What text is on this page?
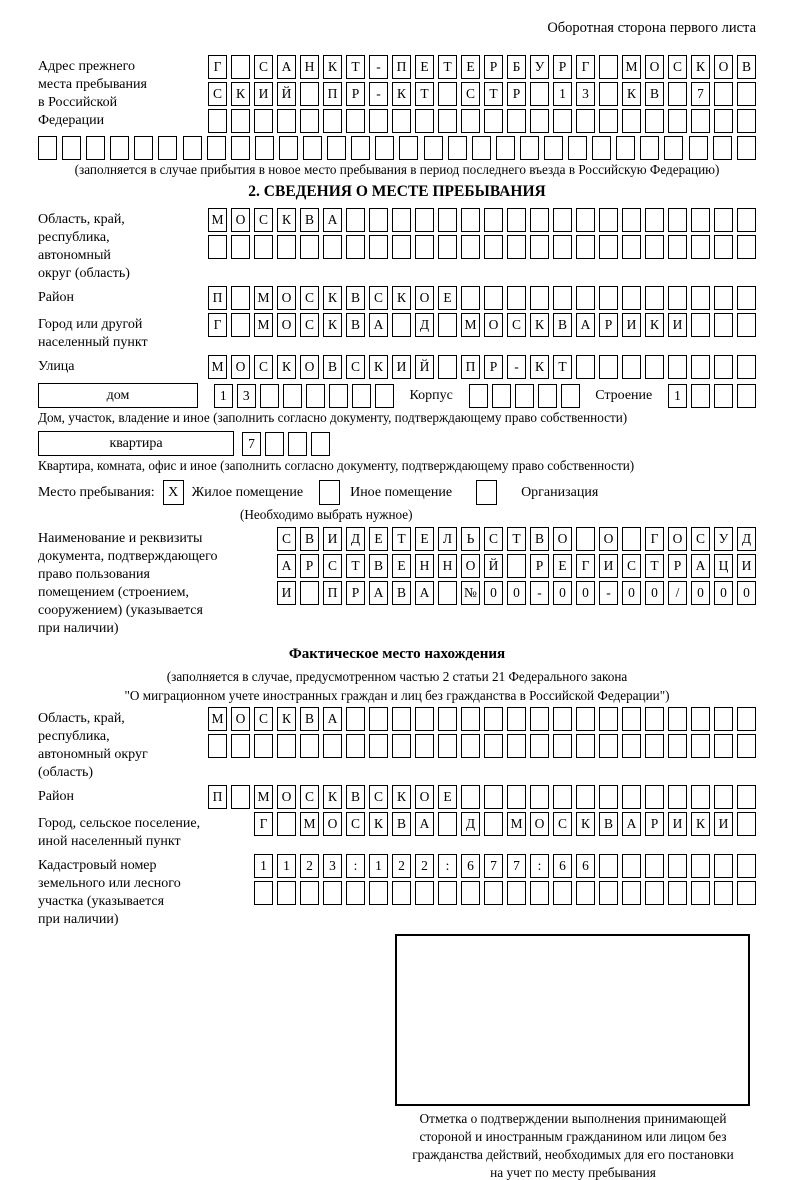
Оборотная сторона первого листа
Адрес прежнего
места пребывания
в Российской
Федерации
Г	С	А Н	К	Т	-	П	Е	Т	Е	Р	Б	У	Р	Г	М О	С	К	О	В
С	К	И Й	П	Р	-	К	Т	С	Т	Р	1	3	К	В	7
(заполняется в случае прибытия в новое место пребывания в период последнего въезда в Российскую Федерацию)
2. СВЕДЕНИЯ О МЕСТЕ ПРЕБЫВАНИЯ
Область, край,
республика,
автономный
округ (область)
М О	С	К	В	А
Район	П	М О	С	К	В	С	К	О	Е
Город или другой
населенный пункт
Г	М О	С	К	В	А	Д	М О	С	К	В	А	Р	И	К	И
Улица	М О	С	К	О	В	С	К	И Й	П	Р	-	К	Т
дом	1	3	Корпус	Строение	1
Дом, участок, владение и иное (заполнить согласно документу, подтверждающему право собственности)
квартира	7
Квартира, комната, офис и иное (заполнить согласно документу, подтверждающему право собственности)
Место пребывания: X Жилое помещение	Иное помещение	Организация
(Необходимо выбрать нужное)
Наименование и реквизиты
документа, подтверждающего
право пользования
помещением (строением,
сооружением) (указывается
при наличии)
С	В	И	Д	Е	Т	Е	Л	Ь	С	Т	В	О	О	Г	О	С	У	Д
А	Р	С	Т	В	Е	Н Н О Й	Р	Е	Г	И	С	Т	Р	А Ц И
И	П	Р	А	В	А	№ 0	0	-	0	0	-	0	0	/	0	0	0
Фактическое место нахождения
(заполняется в случае, предусмотренном частью 2 статьи 21 Федерального закона
"О миграционном учете иностранных граждан и лиц без гражданства в Российской Федерации")
Область, край,
республика,
автономный округ
(область)
М О	С	К	В	А
Район	П	М О	С	К	В	С	К	О	Е
Город, сельское поселение,
иной населенный пункт
Г	М О	С	К	В	А	Д	М О	С	К	В	А	Р	И	К	И
Кадастровый номер
земельного или лесного
участка (указывается
при наличии)
1	1	2	3	:	1	2	2	:	6	7	7	:	6	6
Отметка о подтверждении выполнения принимающей
стороной и иностранным гражданином или лицом без
гражданства действий, необходимых для его постановки
на учет по месту пребывания
